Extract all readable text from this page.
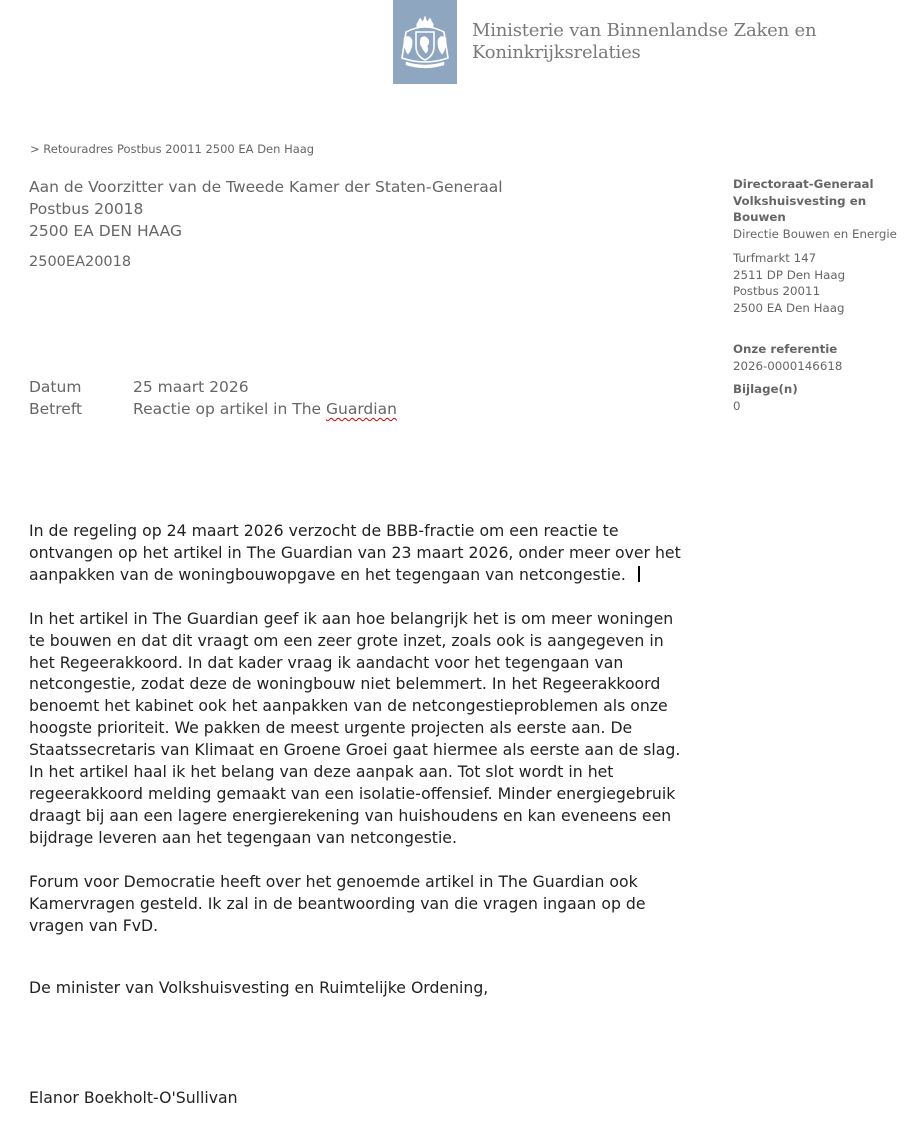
Ministerie van Binnenlandse Zaken en
Koninkrijksrelaties
> Retouradres Postbus 20011 2500 EA Den Haag
Aan de Voorzitter van de Tweede Kamer der Staten-Generaal
Postbus 20018
2500 EA DEN HAAG
2500EA20018
Directoraat-Generaal
Volkshuisvesting en
Bouwen
Directie Bouwen en Energie
Turfmarkt 147
2511 DP Den Haag
Postbus 20011
2500 EA Den Haag
Onze referentie
2026-0000146618
Bijlage(n)
0
Datum	25 maart 2026
Betreft	Reactie op artikel in The Guardian

In de regeling op 24 maart 2026 verzocht de BBB-fractie om een reactie te
ontvangen op het artikel in The Guardian van 23 maart 2026, onder meer over het
aanpakken van de woningbouwopgave en het tegengaan van netcongestie.

In het artikel in The Guardian geef ik aan hoe belangrijk het is om meer woningen
te bouwen en dat dit vraagt om een zeer grote inzet, zoals ook is aangegeven in
het Regeerakkoord. In dat kader vraag ik aandacht voor het tegengaan van
netcongestie, zodat deze de woningbouw niet belemmert. In het Regeerakkoord
benoemt het kabinet ook het aanpakken van de netcongestieproblemen als onze
hoogste prioriteit. We pakken de meest urgente projecten als eerste aan. De
Staatssecretaris van Klimaat en Groene Groei gaat hiermee als eerste aan de slag.
In het artikel haal ik het belang van deze aanpak aan. Tot slot wordt in het
regeerakkoord melding gemaakt van een isolatie-offensief. Minder energiegebruik
draagt bij aan een lagere energierekening van huishoudens en kan eveneens een
bijdrage leveren aan het tegengaan van netcongestie.

Forum voor Democratie heeft over het genoemde artikel in The Guardian ook
Kamervragen gesteld. Ik zal in de beantwoording van die vragen ingaan op de
vragen van FvD.

De minister van Volkshuisvesting en Ruimtelijke Ordening,
Elanor Boekholt-O'Sullivan
